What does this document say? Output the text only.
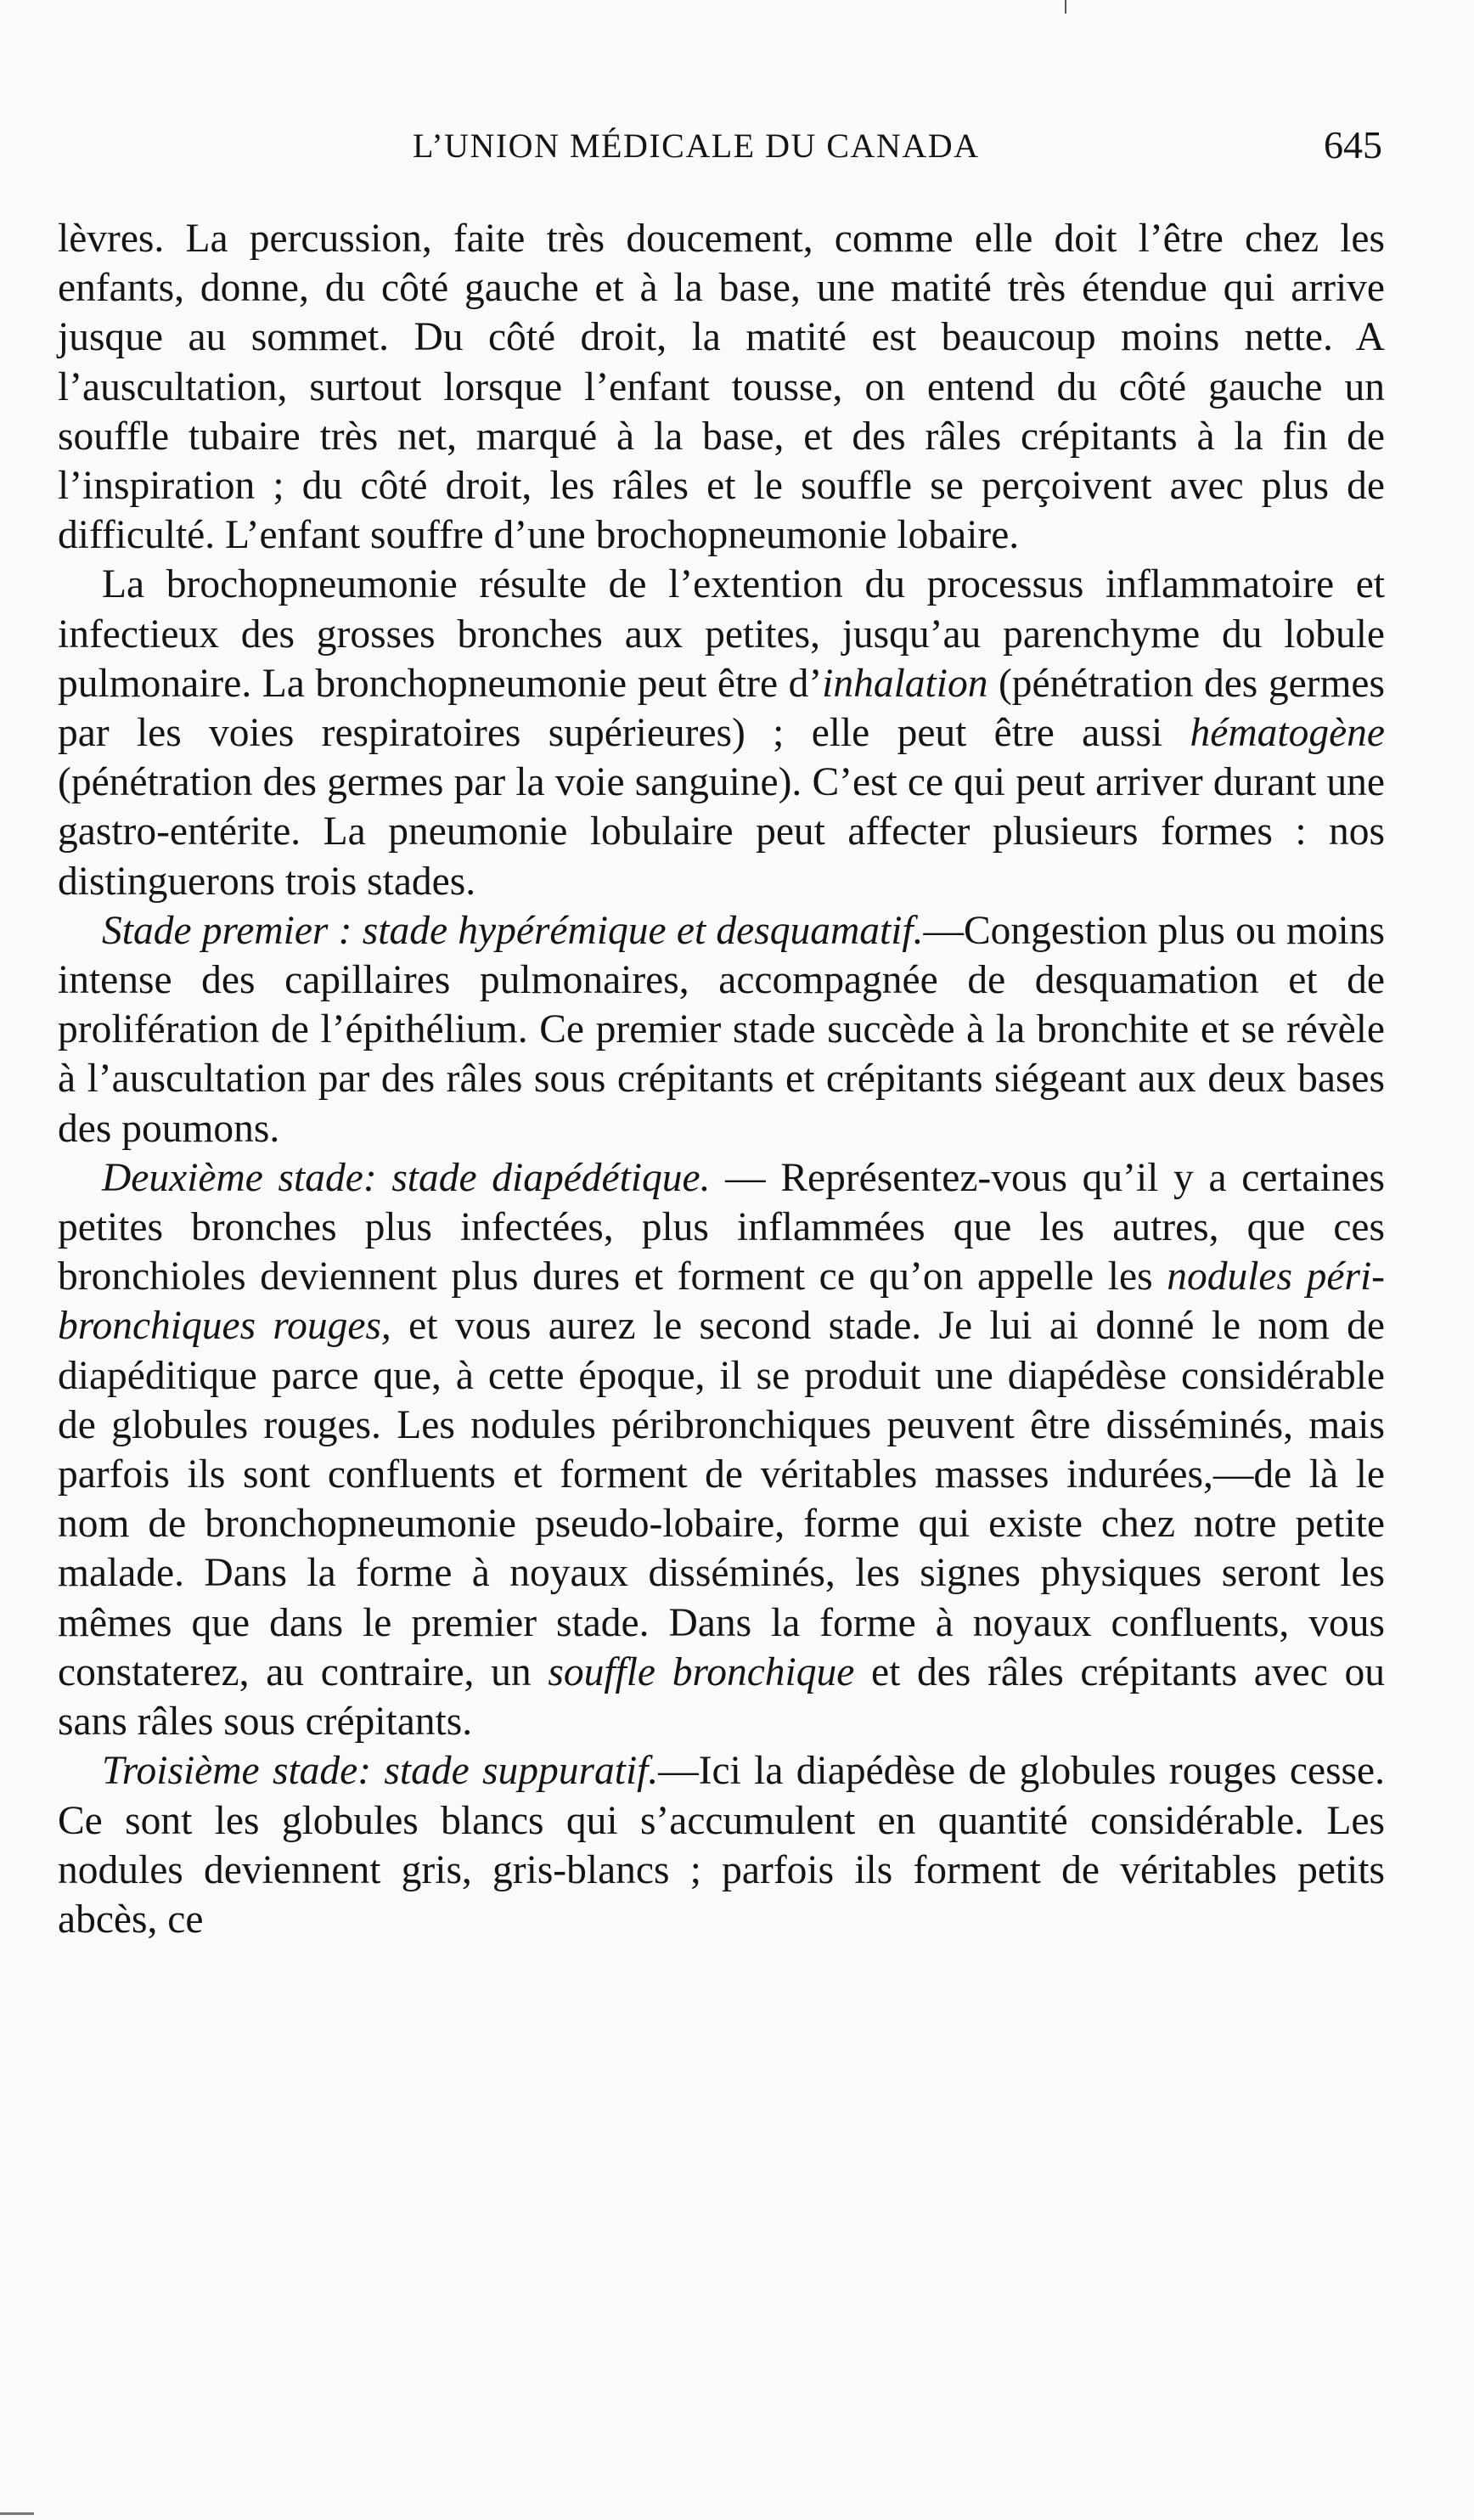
L’UNION MÉDICALE DU CANADA	645

lèvres. La percussion, faite très doucement, comme elle doit l’être chez les enfants, donne, du côté gauche et à la base, une matité très étendue qui arrive jusque au sommet. Du côté droit, la matité est beaucoup moins nette. A l’auscultation, surtout lorsque l’enfant tousse, on entend du côté gauche un souffle tubaire très net, marqué à la base, et des râles crépitants à la fin de l’inspiration ; du côté droit, les râles et le souffle se perçoivent avec plus de difficulté. L’enfant souffre d’une brochopneumonie lobaire.

La brochopneumonie résulte de l’extention du processus inflammatoire et infectieux des grosses bronches aux petites, jusqu’au parenchyme du lobule pulmonaire. La bronchopneumonie peut être d’inhalation (pénétration des germes par les voies respiratoires supérieures) ; elle peut être aussi hématogène (pénétration des germes par la voie sanguine). C’est ce qui peut arriver durant une gastro-entérite. La pneumonie lobulaire peut affecter plusieurs formes : nos distinguerons trois stades.

Stade premier : stade hypérémique et desquamatif.—Congestion plus ou moins intense des capillaires pulmonaires, accompagnée de desquamation et de prolifération de l’épithélium. Ce premier stade succède à la bronchite et se révèle à l’auscultation par des râles sous crépitants et crépitants siégeant aux deux bases des poumons.

Deuxième stade: stade diapédétique. — Représentez-vous qu’il y a certaines petites bronches plus infectées, plus inflammées que les autres, que ces bronchioles deviennent plus dures et forment ce qu’on appelle les nodules péri-bronchiques rouges, et vous aurez le second stade. Je lui ai donné le nom de diapéditique parce que, à cette époque, il se produit une diapédèse considérable de globules rouges. Les nodules péribronchiques peuvent être disséminés, mais parfois ils sont confluents et forment de véritables masses indurées,—de là le nom de bronchopneumonie pseudo-lobaire, forme qui existe chez notre petite malade. Dans la forme à noyaux disséminés, les signes physiques seront les mêmes que dans le premier stade. Dans la forme à noyaux confluents, vous constaterez, au contraire, un souffle bronchique et des râles crépitants avec ou sans râles sous crépitants.

Troisième stade: stade suppuratif.—Ici la diapédèse de globules rouges cesse. Ce sont les globules blancs qui s’accumulent en quantité considérable. Les nodules deviennent gris, gris-blancs ; parfois ils forment de véritables petits abcès, ce
